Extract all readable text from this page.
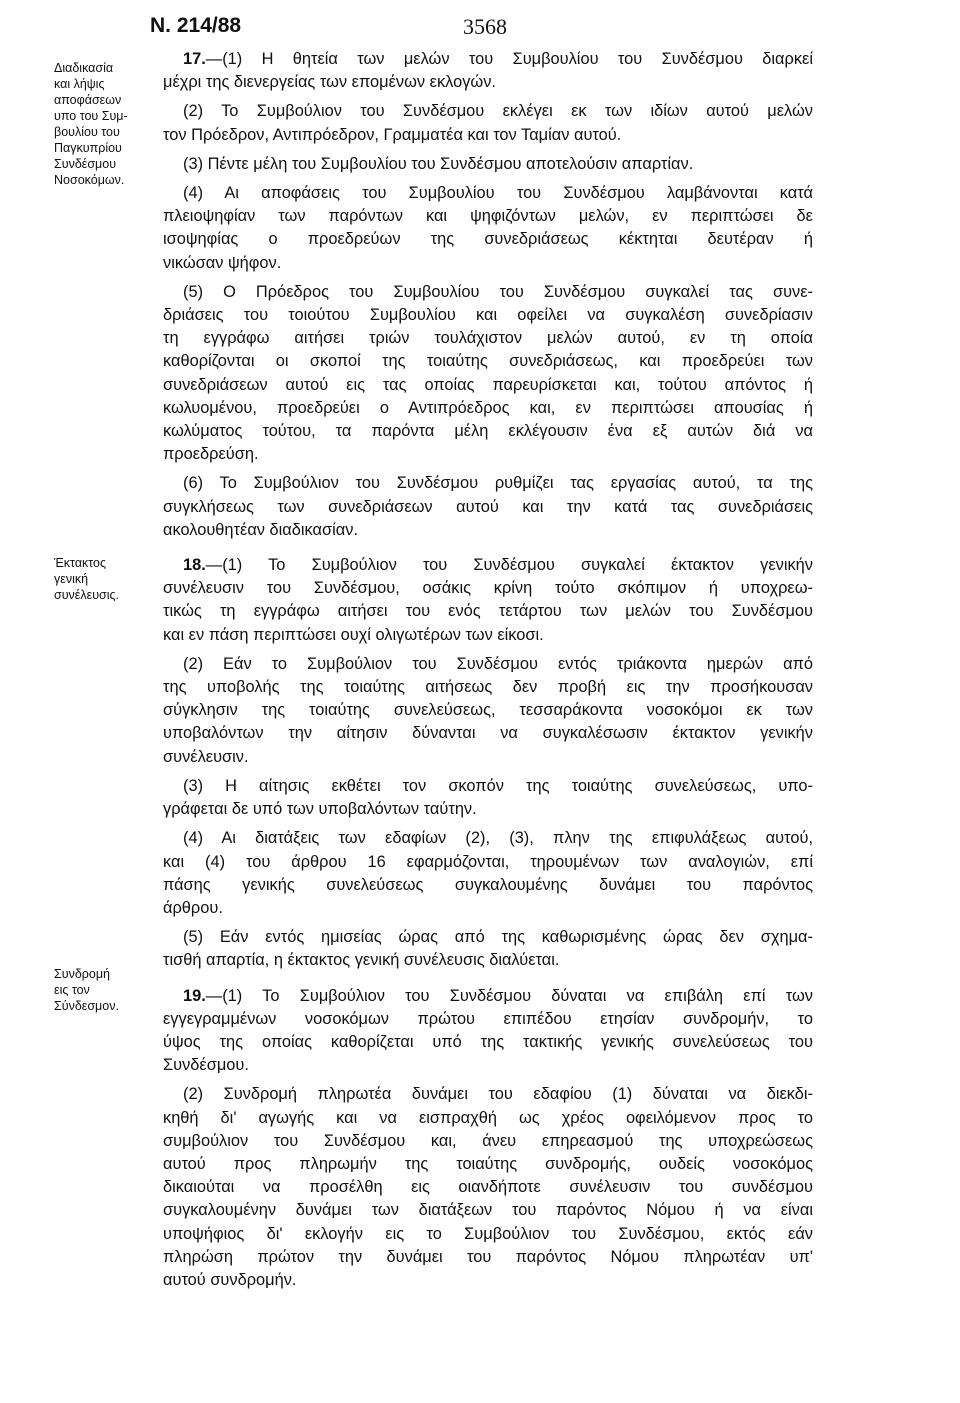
Ν. 214/88	3568
Διαδικασία
και λήψις
αποφάσεων
υπο του Συμ-
βουλίου του
Παγκυπρίου
Συνδέσμου
Νοσοκόμων.
Έκτακτος
γενική
συνέλευσις.
Συνδρομή
εις τον
Σύνδεσμον.

17.—(1) Η θητεία των μελών του Συμβουλίου του Συνδέσμου διαρκεί
μέχρι της διενεργείας των επομένων εκλογών.

(2) Το Συμβούλιον του Συνδέσμου εκλέγει εκ των ιδίων αυτού μελών
τον Πρόεδρον, Αντιπρόεδρον, Γραμματέα και τον Ταμίαν αυτού.

(3) Πέντε μέλη του Συμβουλίου του Συνδέσμου αποτελούσιν απαρτίαν.

(4) Αι αποφάσεις του Συμβουλίου του Συνδέσμου λαμβάνονται κατά
πλειοψηφίαν των παρόντων και ψηφιζόντων μελών, εν περιπτώσει δε
ισοψηφίας ο προεδρεύων της συνεδριάσεως κέκτηται δευτέραν ή
νικώσαν ψήφον.

(5) Ο Πρόεδρος του Συμβουλίου του Συνδέσμου συγκαλεί τας συνε-
δριάσεις του τοιούτου Συμβουλίου και οφείλει να συγκαλέση συνεδρίασιν
τη εγγράφω αιτήσει τριών τουλάχιστον μελών αυτού, εν τη οποία
καθορίζονται οι σκοποί της τοιαύτης συνεδριάσεως, και προεδρεύει των
συνεδριάσεων αυτού εις τας οποίας παρευρίσκεται και, τούτου απόντος ή
κωλυομένου, προεδρεύει ο Αντιπρόεδρος και, εν περιπτώσει απουσίας ή
κωλύματος τούτου, τα παρόντα μέλη εκλέγουσιν ένα εξ αυτών διά να
προεδρεύση.

(6) Το Συμβούλιον του Συνδέσμου ρυθμίζει τας εργασίας αυτού, τα της
συγκλήσεως των συνεδριάσεων αυτού και την κατά τας συνεδριάσεις
ακολουθητέαν διαδικασίαν.

18.—(1) Το Συμβούλιον του Συνδέσμου συγκαλεί έκτακτον γενικήν
συνέλευσιν του Συνδέσμου, οσάκις κρίνη τούτο σκόπιμον ή υποχρεω-
τικώς τη εγγράφω αιτήσει του ενός τετάρτου των μελών του Συνδέσμου
και εν πάση περιπτώσει ουχί ολιγωτέρων των είκοσι.

(2) Εάν το Συμβούλιον του Συνδέσμου εντός τριάκοντα ημερών από
της υποβολής της τοιαύτης αιτήσεως δεν προβή εις την προσήκουσαν
σύγκλησιν της τοιαύτης συνελεύσεως, τεσσαράκοντα νοσοκόμοι εκ των
υποβαλόντων την αίτησιν δύνανται να συγκαλέσωσιν έκτακτον γενικήν
συνέλευσιν.

(3) Η αίτησις εκθέτει τον σκοπόν της τοιαύτης συνελεύσεως, υπο-
γράφεται δε υπό των υποβαλόντων ταύτην.

(4) Αι διατάξεις των εδαφίων (2), (3), πλην της επιφυλάξεως αυτού,
και (4) του άρθρου 16 εφαρμόζονται, τηρουμένων των αναλογιών, επί
πάσης γενικής συνελεύσεως συγκαλουμένης δυνάμει του παρόντος
άρθρου.

(5) Εάν εντός ημισείας ώρας από της καθωρισμένης ώρας δεν σχημα-
τισθή απαρτία, η έκτακτος γενική συνέλευσις διαλύεται.

19.—(1) Το Συμβούλιον του Συνδέσμου δύναται να επιβάλη επί των
εγγεγραμμένων νοσοκόμων πρώτου επιπέδου ετησίαν συνδρομήν, το
ύψος της οποίας καθορίζεται υπό της τακτικής γενικής συνελεύσεως του
Συνδέσμου.

(2) Συνδρομή πληρωτέα δυνάμει του εδαφίου (1) δύναται να διεκδι-
κηθή δι' αγωγής και να εισπραχθή ως χρέος οφειλόμενον προς το
συμβούλιον του Συνδέσμου και, άνευ επηρεασμού της υποχρεώσεως
αυτού προς πληρωμήν της τοιαύτης συνδρομής, ουδείς νοσοκόμος
δικαιούται να προσέλθη εις οιανδήποτε συνέλευσιν του συνδέσμου
συγκαλουμένην δυνάμει των διατάξεων του παρόντος Νόμου ή να είναι
υποψήφιος δι' εκλογήν εις το Συμβούλιον του Συνδέσμου, εκτός εάν
πληρώση πρώτον την δυνάμει του παρόντος Νόμου πληρωτέαν υπ'
αυτού συνδρομήν.
